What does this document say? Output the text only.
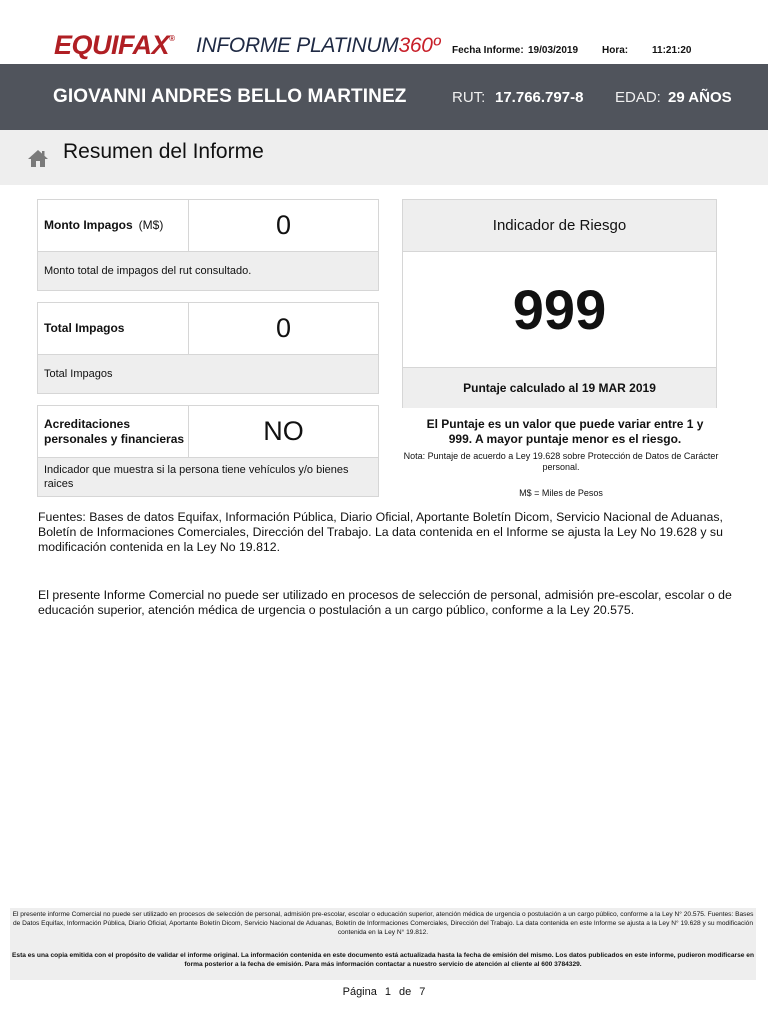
EQUIFAX® INFORME PLATINUM360º Fecha Informe: 19/03/2019 Hora: 11:21:20
GIOVANNI ANDRES BELLO MARTINEZ	RUT: 17.766.797-8 EDAD: 29 AÑOS
Resumen del Informe
Monto Impagos (M$)	0
Monto total de impagos del rut consultado.
Total Impagos	0
Total Impagos
Acreditaciones personales y financieras	NO
Indicador que muestra si la persona tiene vehículos y/o bienes raices
Indicador de Riesgo
999
Puntaje calculado al 19 MAR 2019
El Puntaje es un valor que puede variar entre 1 y 999. A mayor puntaje menor es el riesgo.
Nota: Puntaje de acuerdo a Ley 19.628 sobre Protección de Datos de Carácter personal.
M$ = Miles de Pesos
Fuentes: Bases de datos Equifax, Información Pública, Diario Oficial, Aportante Boletín Dicom, Servicio Nacional de Aduanas, Boletín de Informaciones Comerciales, Dirección del Trabajo. La data contenida en el Informe se ajusta la Ley No 19.628 y su modificación contenida en la Ley No 19.812.
El presente Informe Comercial no puede ser utilizado en procesos de selección de personal, admisión pre-escolar, escolar o de educación superior, atención médica de urgencia o postulación a un cargo público, conforme a la Ley 20.575.
El presente informe Comercial no puede ser utilizado en procesos de selección de personal, admisión pre-escolar, escolar o educación superior, atención médica de urgencia o postulación a un cargo público, conforme a la Ley N° 20.575. Fuentes: Bases de Datos Equifax, Información Pública, Diario Oficial, Aportante Boletín Dicom, Servicio Nacional de Aduanas, Boletín de Informaciones Comerciales, Dirección del Trabajo. La data contenida en este Informe se ajusta a la Ley N° 19.628 y su modificación contenida en la Ley N° 19.812.
Esta es una copia emitida con el propósito de validar el informe original. La información contenida en este documento está actualizada hasta la fecha de emisión del mismo. Los datos publicados en este informe, pudieron modificarse en forma posterior a la fecha de emisión. Para más información contactar a nuestro servicio de atención al cliente al 600 3784329.
Página 1 de 7
